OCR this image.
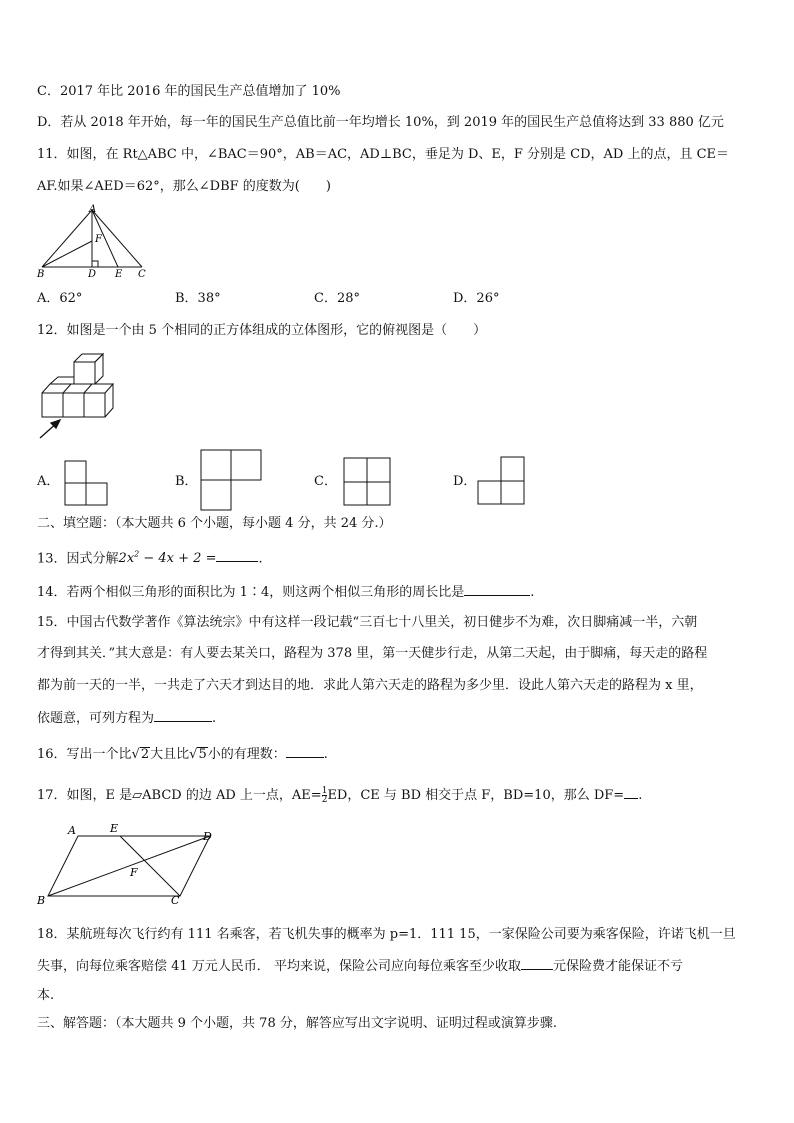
C．2017 年比 2016 年的国民生产总值增加了 10%
D．若从 2018 年开始，每一年的国民生产总值比前一年均增长 10%，到 2019 年的国民生产总值将达到 33 880 亿元
11．如图，在 Rt△ABC 中，∠BAC＝90°，AB＝AC，AD⊥BC，垂足为 D、E，F 分别是 CD，AD 上的点，且 CE＝
AF.如果∠AED＝62°，那么∠DBF 的度数为(　　)
A
F
B	D E C
A．62°	B．38°	C．28°	D．26°
12．如图是一个由 5 个相同的正方体组成的立体图形，它的俯视图是（　　）
A．	B．	C．	D．
二、填空题：（本大题共 6 个小题，每小题 4 分，共 24 分.）
13．因式分解$2x^2 - 4x + 2$ =	.
14．若两个相似三角形的面积比为 1∶4，则这两个相似三角形的周长比是	.
15．中国古代数学著作《算法统宗》中有这样一段记载“三百七十八里关，初日健步不为难，次日脚痛减一半，六朝
才得到其关．”其大意是：有人要去某关口，路程为 378 里，第一天健步行走，从第二天起，由于脚痛，每天走的路程
都为前一天的一半，一共走了六天才到达目的地．求此人第六天走的路程为多少里．设此人第六天走的路程为 x 里，
依题意，可列方程为	.
16．写出一个比√2大且比√5小的有理数：	.
17．如图，E 是▱ABCD 的边 AD 上一点，$AE= \frac{1}{2}$ ED，CE 与 BD 相交于点 F，BD=10，那么 DF= .
A	E
D
F
B	C
18．某航班每次飞行约有 111 名乘客，若飞机失事的概率为 p=1．111 15，一家保险公司要为乘客保险，许诺飞机一旦
失事，向每位乘客赔偿 41 万元人民币． 平均来说，保险公司应向每位乘客至少收取 元保险费才能保证不亏
本.
三、解答题：（本大题共 9 个小题，共 78 分，解答应写出文字说明、证明过程或演算步骤.
